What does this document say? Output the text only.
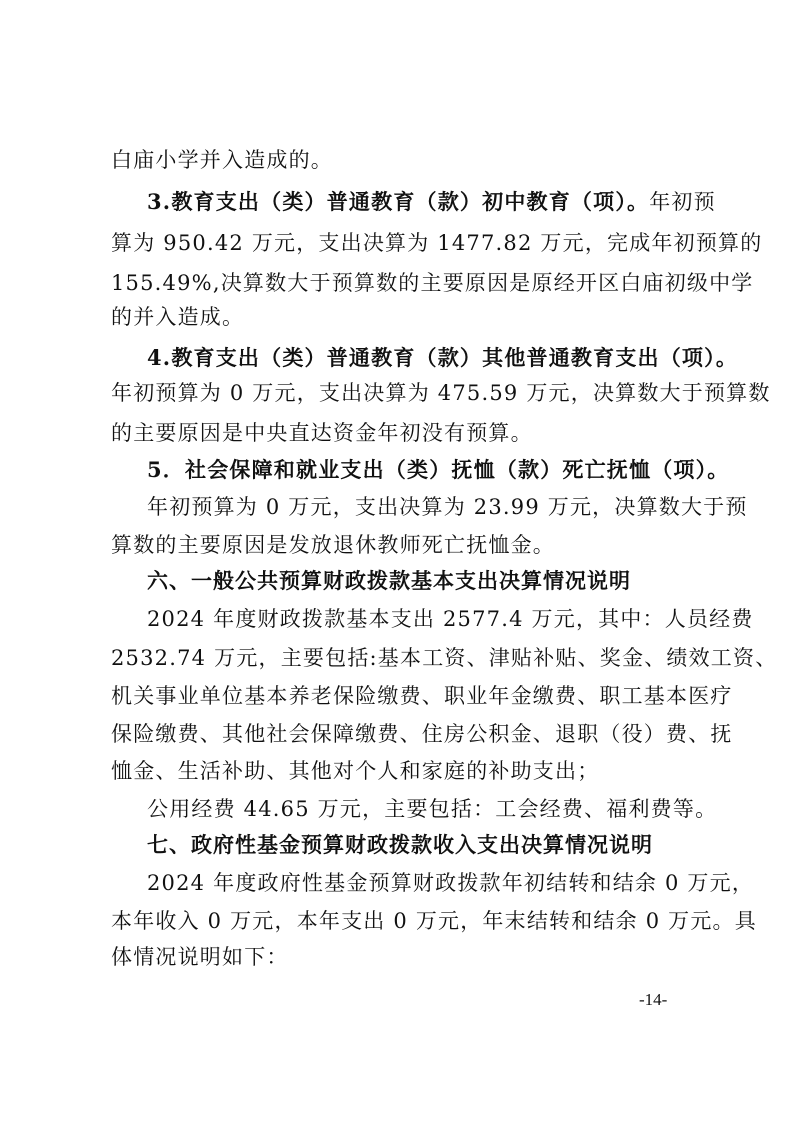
白庙小学并入造成的。
3.教育支出（类）普通教育（款）初中教育（项）。年初预
算为 950.42 万元，支出决算为 1477.82 万元，完成年初预算的
155.49%,决算数大于预算数的主要原因是原经开区白庙初级中学
的并入造成。
4.教育支出（类）普通教育（款）其他普通教育支出（项）。
年初预算为 0 万元，支出决算为 475.59 万元，决算数大于预算数
的主要原因是中央直达资金年初没有预算。
5．社会保障和就业支出（类）抚恤（款）死亡抚恤（项）。
年初预算为 0 万元，支出决算为 23.99 万元，决算数大于预
算数的主要原因是发放退休教师死亡抚恤金。
六、一般公共预算财政拨款基本支出决算情况说明
2024 年度财政拨款基本支出 2577.4 万元，其中：人员经费
2532.74 万元，主要包括:基本工资、津贴补贴、奖金、绩效工资、
机关事业单位基本养老保险缴费、职业年金缴费、职工基本医疗
保险缴费、其他社会保障缴费、住房公积金、退职（役）费、抚
恤金、生活补助、其他对个人和家庭的补助支出；
公用经费 44.65 万元，主要包括：工会经费、福利费等。
七、政府性基金预算财政拨款收入支出决算情况说明
2024 年度政府性基金预算财政拨款年初结转和结余 0 万元，
本年收入 0 万元，本年支出 0 万元，年末结转和结余 0 万元。具
体情况说明如下：
-14-
